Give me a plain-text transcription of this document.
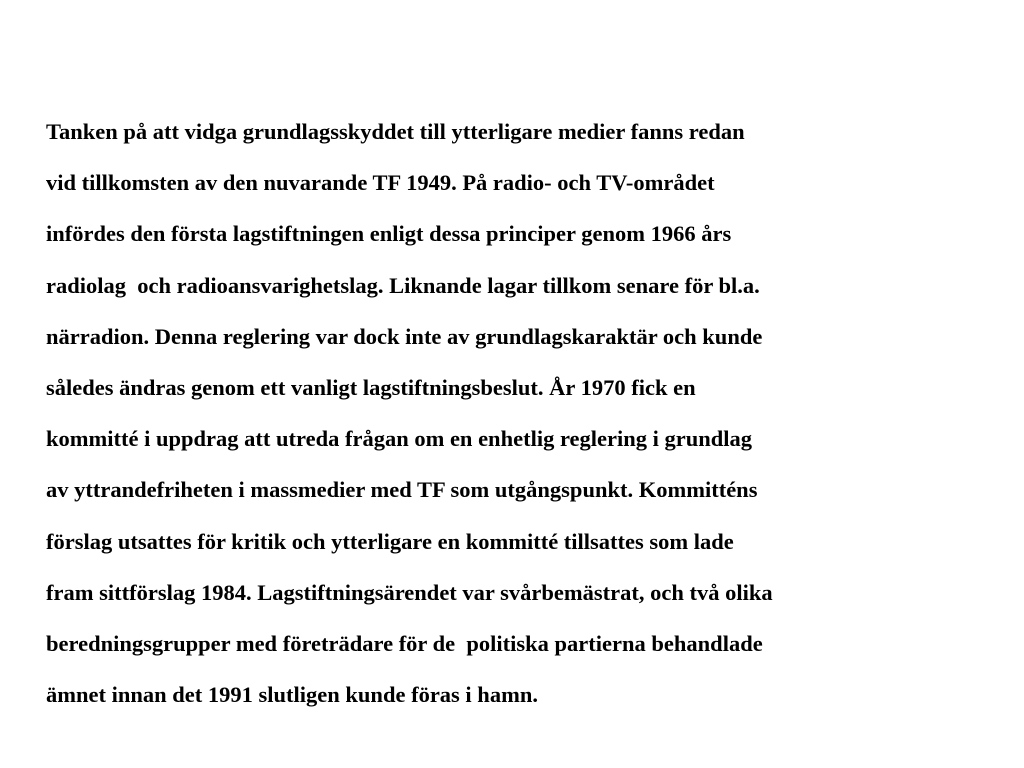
Tanken på att vidga grundlagsskyddet till ytterligare medier fanns redan
vid tillkomsten av den nuvarande TF 1949. På radio- och TV-området
infördes den första lagstiftningen enligt dessa principer genom 1966 års
radiolag  och radioansvarighetslag. Liknande lagar tillkom senare för bl.a.
närradion. Denna reglering var dock inte av grundlagskaraktär och kunde
således ändras genom ett vanligt lagstiftningsbeslut. År 1970 fick en
kommitté i uppdrag att utreda frågan om en enhetlig reglering i grundlag
av yttrandefriheten i massmedier med TF som utgångspunkt. Kommitténs
förslag utsattes för kritik och ytterligare en kommitté tillsattes som lade
fram sittförslag 1984. Lagstiftningsärendet var svårbemästrat, och två olika
beredningsgrupper med företrädare för de  politiska partierna behandlade
ämnet innan det 1991 slutligen kunde föras i hamn.
